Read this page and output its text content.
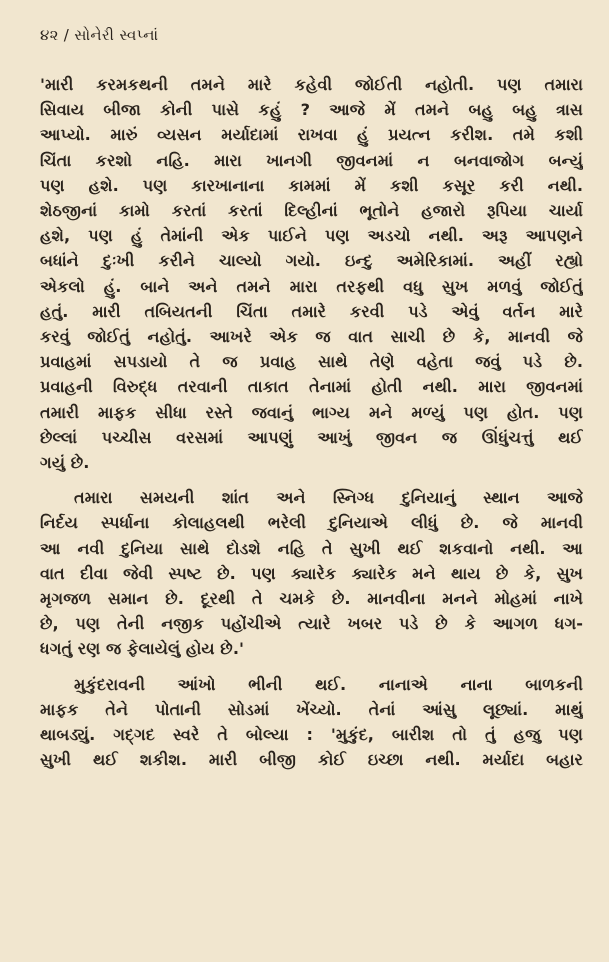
૪૨ / સોનેરી સ્વપ્નાં

'મારી કરમકથની તમને મારે કહેવી જોઈતી નહોતી. પણ તમારા

સિવાય બીજા કોની પાસે કહું ? આજે મેં તમને બહુ બહુ ત્રાસ

આપ્યો. મારું વ્યસન મર્યાદામાં રાખવા હું પ્રયત્ન કરીશ. તમે કશી

ચિંતા કરશો નહિ. મારા ખાનગી જીવનમાં ન બનવાજોગ બન્યું

પણ હશે. પણ કારખાનાના કામમાં મેં કશી કસૂર કરી નથી.

શેઠજીનાં કામો કરતાં કરતાં દિલ્હીનાં ભૂતોને હજારો રૂપિયા ચાર્યા

હશે, પણ હું તેમાંની એક પાઈને પણ અડચો નથી. અરૂ આપણને

બધાંને દુઃખી કરીને ચાલ્યો ગયો. ઇન્દુ અમેરિકામાં. અહીં રહ્યો

એકલો હું. બાને અને તમને મારા તરફથી વધુ સુખ મળવું જોઈતું

હતું. મારી તબિયતની ચિંતા તમારે કરવી પડે એવું વર્તન મારે

કરવું જોઈતું નહોતું. આખરે એક જ વાત સાચી છે કે, માનવી જે

પ્રવાહમાં સપડાયો તે જ પ્રવાહ સાથે તેણે વહેતા જવું પડે છે.

પ્રવાહની વિરુદ્ધ તરવાની તાકાત તેનામાં હોતી નથી. મારા જીવનમાં

તમારી માફક સીધા રસ્તે જવાનું ભાગ્ય મને મળ્યું પણ હોત. પણ

છેલ્લાં પચ્ચીસ વરસમાં આપણું આખું જીવન જ ઊંધુંચત્તું થઈ

ગયું છે.

તમારા સમયની શાંત અને સ્નિગ્ધ દુનિયાનું સ્થાન આજે

નિર્દય સ્પર્ધાના કોલાહલથી ભરેલી દુનિયાએ લીધું છે. જે માનવી

આ નવી દુનિયા સાથે દોડશે નહિ તે સુખી થઈ શકવાનો નથી. આ

વાત દીવા જેવી સ્પષ્ટ છે. પણ ક્યારેક ક્યારેક મને થાય છે કે, સુખ

મૃગજળ સમાન છે. દૂરથી તે ચમકે છે. માનવીના મનને મોહમાં નાખે

છે, પણ તેની નજીક પહોંચીએ ત્યારે ખબર પડે છે કે આગળ ધગ-

ધગતું રણ જ ફેલાયેલું હોય છે.'

મુકુંદરાવની આંખો ભીની થઈ. નાનાએ નાના બાળકની

માફક તેને પોતાની સોડમાં ખેંચ્યો. તેનાં આંસુ લૂછ્યાં. માથું

થાબડ્યું. ગદ્ગદ સ્વરે તે બોલ્યા : 'મુકુંદ, બારીશ તો તું હજુ પણ

સુખી થઈ શકીશ. મારી બીજી કોઈ ઇચ્છા નથી. મર્યાદા બહાર
